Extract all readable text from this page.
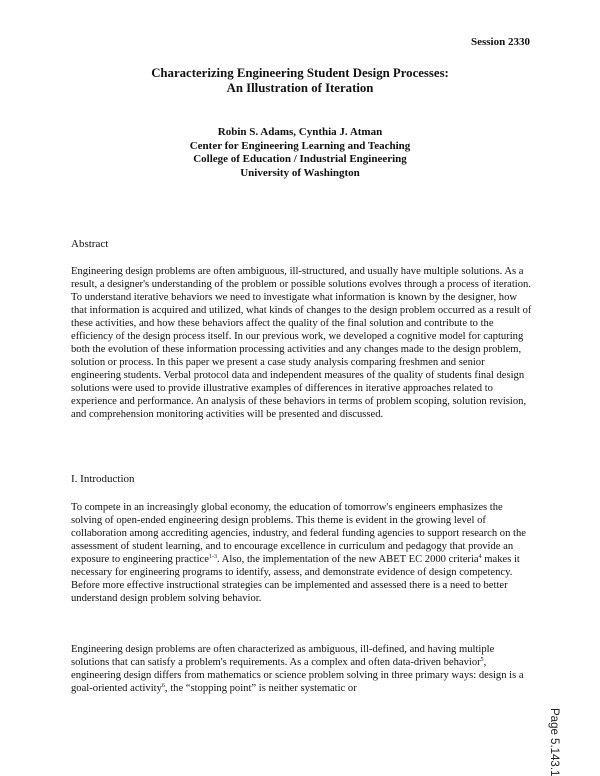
Session 2330
Characterizing Engineering Student Design Processes:
An Illustration of Iteration
Robin S. Adams, Cynthia J. Atman
Center for Engineering Learning and Teaching
College of Education / Industrial Engineering
University of Washington
Abstract
Engineering design problems are often ambiguous, ill-structured, and usually have multiple solutions. As a result, a designer's understanding of the problem or possible solutions evolves through a process of iteration. To understand iterative behaviors we need to investigate what information is known by the designer, how that information is acquired and utilized, what kinds of changes to the design problem occurred as a result of these activities, and how these behaviors affect the quality of the final solution and contribute to the efficiency of the design process itself. In our previous work, we developed a cognitive model for capturing both the evolution of these information processing activities and any changes made to the design problem, solution or process. In this paper we present a case study analysis comparing freshmen and senior engineering students. Verbal protocol data and independent measures of the quality of students final design solutions were used to provide illustrative examples of differences in iterative approaches related to experience and performance. An analysis of these behaviors in terms of problem scoping, solution revision, and comprehension monitoring activities will be presented and discussed.
I. Introduction
To compete in an increasingly global economy, the education of tomorrow's engineers emphasizes the solving of open-ended engineering design problems. This theme is evident in the growing level of collaboration among accrediting agencies, industry, and federal funding agencies to support research on the assessment of student learning, and to encourage excellence in curriculum and pedagogy that provide an exposure to engineering practice$^{1-3}$. Also, the implementation of the new ABET EC 2000 criteria$^4$ makes it necessary for engineering programs to identify, assess, and demonstrate evidence of design competency. Before more effective instructional strategies can be implemented and assessed there is a need to better understand design problem solving behavior.
Engineering design problems are often characterized as ambiguous, ill-defined, and having multiple solutions that can satisfy a problem's requirements. As a complex and often data-driven behavior$^5$, engineering design differs from mathematics or science problem solving in three primary ways: design is a goal-oriented activity$^6$, the “stopping point” is neither systematic or
Page 5.143.1
